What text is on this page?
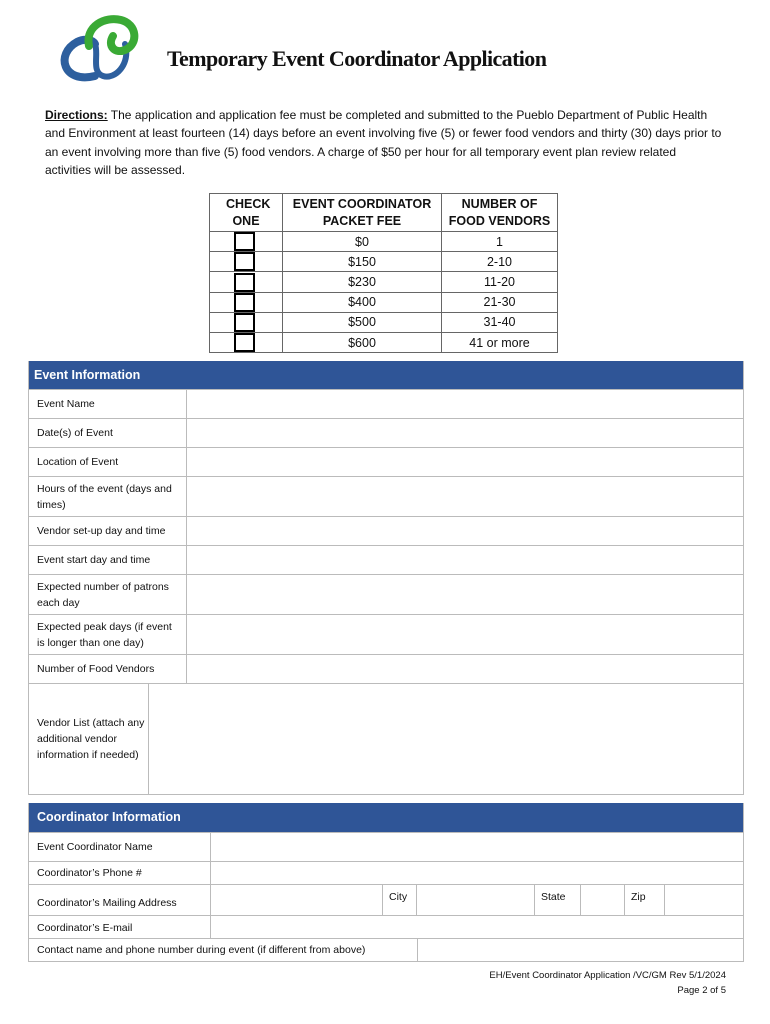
Temporary Event Coordinator Application
Directions: The application and application fee must be completed and submitted to the Pueblo Department of Public Health and Environment at least fourteen (14) days before an event involving five (5) or fewer food vendors and thirty (30) days prior to an event involving more than five (5) food vendors. A charge of $50 per hour for all temporary event plan review related activities will be assessed.
CHECK ONE	EVENT COORDINATOR PACKET FEE	NUMBER OF FOOD VENDORS

	$0	1
	$150	2-10
	$230	11-20
	$400	21-30
	$500	31-40
	$600	41 or more
Event Information
Event Name
Date(s) of Event
Location of Event
Hours of the event (days and times)
Vendor set-up day and time
Event start day and time
Expected number of patrons each day
Expected peak days (if event is longer than one day)
Number of Food Vendors
Vendor List (attach any additional vendor information if needed)
Coordinator Information
Event Coordinator Name
Coordinator’s Phone #
Coordinator’s Mailing Address	City	State	Zip
Coordinator’s E-mail
Contact name and phone number during event (if different from above)
EH/Event Coordinator Application /VC/GM Rev 5/1/2024
Page 2 of 5
